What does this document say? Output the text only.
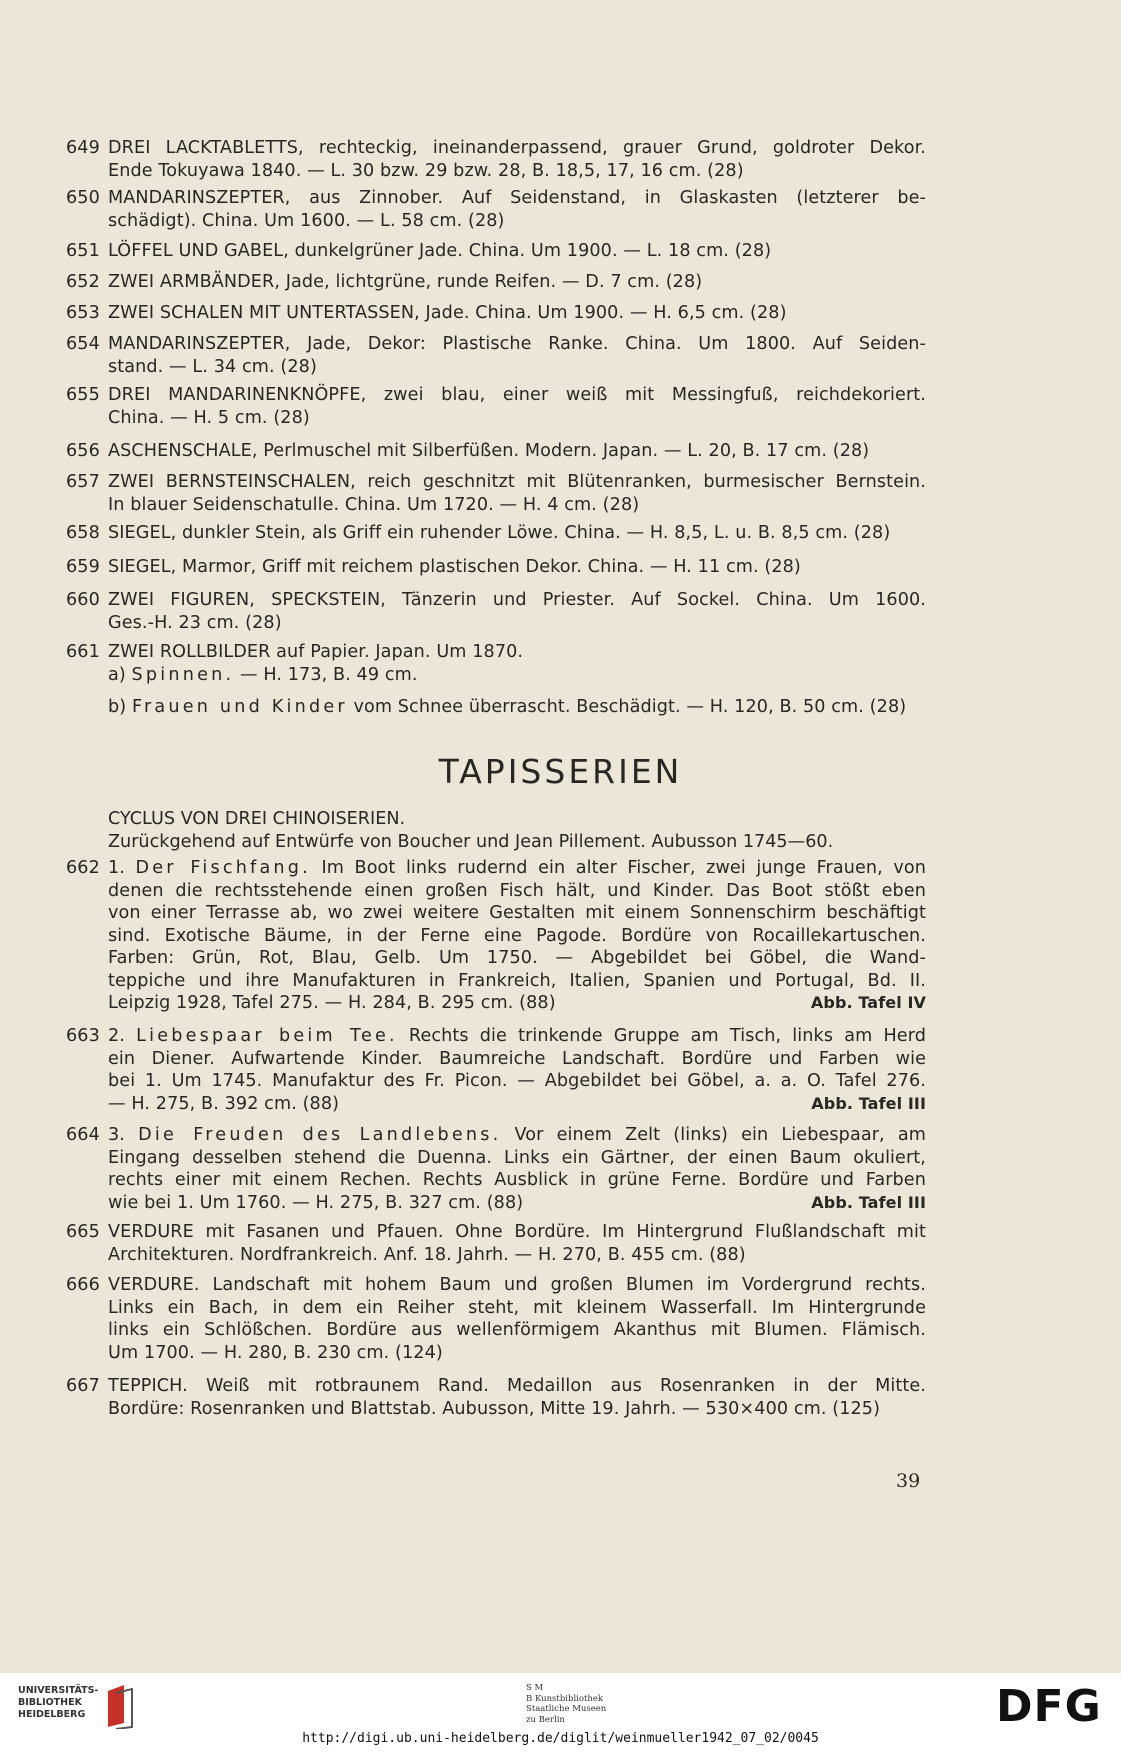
649 DREI LACKTABLETTS, rechteckig, ineinanderpassend, grauer Grund, goldroter Dekor.
Ende Tokuyawa 1840. — L. 30 bzw. 29 bzw. 28, B. 18,5, 17, 16 cm. (28)
650 MANDARINSZEPTER, aus Zinnober. Auf Seidenstand, in Glaskasten (letzterer be-
schädigt). China. Um 1600. — L. 58 cm. (28)
651 LÖFFEL UND GABEL, dunkelgrüner Jade. China. Um 1900. — L. 18 cm. (28)
652 ZWEI ARMBÄNDER, Jade, lichtgrüne, runde Reifen. — D. 7 cm. (28)
653 ZWEI SCHALEN MIT UNTERTASSEN, Jade. China. Um 1900. — H. 6,5 cm. (28)
654 MANDARINSZEPTER, Jade, Dekor: Plastische Ranke. China. Um 1800. Auf Seiden-
stand. — L. 34 cm. (28)
655 DREI MANDARINENKNÖPFE, zwei blau, einer weiß mit Messingfuß, reichdekoriert.
China. — H. 5 cm. (28)
656 ASCHENSCHALE, Perlmuschel mit Silberfüßen. Modern. Japan. — L. 20, B. 17 cm. (28)
657 ZWEI BERNSTEINSCHALEN, reich geschnitzt mit Blütenranken, burmesischer Bernstein.
In blauer Seidenschatulle. China. Um 1720. — H. 4 cm. (28)
658 SIEGEL, dunkler Stein, als Griff ein ruhender Löwe. China. — H. 8,5, L. u. B. 8,5 cm. (28)
659 SIEGEL, Marmor, Griff mit reichem plastischen Dekor. China. — H. 11 cm. (28)
660 ZWEI FIGUREN, SPECKSTEIN, Tänzerin und Priester. Auf Sockel. China. Um 1600.
Ges.-H. 23 cm. (28)
661 ZWEI ROLLBILDER auf Papier. Japan. Um 1870.
a) Spinnen. — H. 173, B. 49 cm.
b) Frauen und Kinder vom Schnee überrascht. Beschädigt. — H. 120, B. 50 cm. (28)
TAPISSERIEN
CYCLUS VON DREI CHINOISERIEN.
Zurückgehend auf Entwürfe von Boucher und Jean Pillement. Aubusson 1745—60.
662 1. Der Fischfang. Im Boot links rudernd ein alter Fischer, zwei junge Frauen, von
denen die rechtsstehende einen großen Fisch hält, und Kinder. Das Boot stößt eben
von einer Terrasse ab, wo zwei weitere Gestalten mit einem Sonnenschirm beschäftigt
sind. Exotische Bäume, in der Ferne eine Pagode. Bordüre von Rocaillekartuschen.
Farben: Grün, Rot, Blau, Gelb. Um 1750. — Abgebildet bei Göbel, die Wand-
teppiche und ihre Manufakturen in Frankreich, Italien, Spanien und Portugal, Bd. II.
Leipzig 1928, Tafel 275. — H. 284, B. 295 cm. (88)	Abb. Tafel IV
663 2. Liebespaar beim Tee. Rechts die trinkende Gruppe am Tisch, links am Herd
ein Diener. Aufwartende Kinder. Baumreiche Landschaft. Bordüre und Farben wie
bei 1. Um 1745. Manufaktur des Fr. Picon. — Abgebildet bei Göbel, a. a. O. Tafel 276.
— H. 275, B. 392 cm. (88)	Abb. Tafel III
664 3. Die Freuden des Landlebens. Vor einem Zelt (links) ein Liebespaar, am
Eingang desselben stehend die Duenna. Links ein Gärtner, der einen Baum okuliert,
rechts einer mit einem Rechen. Rechts Ausblick in grüne Ferne. Bordüre und Farben
wie bei 1. Um 1760. — H. 275, B. 327 cm. (88)	Abb. Tafel III
665 VERDURE mit Fasanen und Pfauen. Ohne Bordüre. Im Hintergrund Flußlandschaft mit
Architekturen. Nordfrankreich. Anf. 18. Jahrh. — H. 270, B. 455 cm. (88)
666 VERDURE. Landschaft mit hohem Baum und großen Blumen im Vordergrund rechts.
Links ein Bach, in dem ein Reiher steht, mit kleinem Wasserfall. Im Hintergrunde
links ein Schlößchen. Bordüre aus wellenförmigem Akanthus mit Blumen. Flämisch.
Um 1700. — H. 280, B. 230 cm. (124)
667 TEPPICH. Weiß mit rotbraunem Rand. Medaillon aus Rosenranken in der Mitte.
Bordüre: Rosenranken und Blattstab. Aubusson, Mitte 19. Jahrh. — 530×400 cm. (125)
39
UNIVERSITÄTS-
BIBLIOTHEK
HEIDELBERG
S M
B Kunstbibliothek
Staatliche Museen
zu Berlin	DFG
http://digi.ub.uni-heidelberg.de/diglit/weinmueller1942_07_02/0045
